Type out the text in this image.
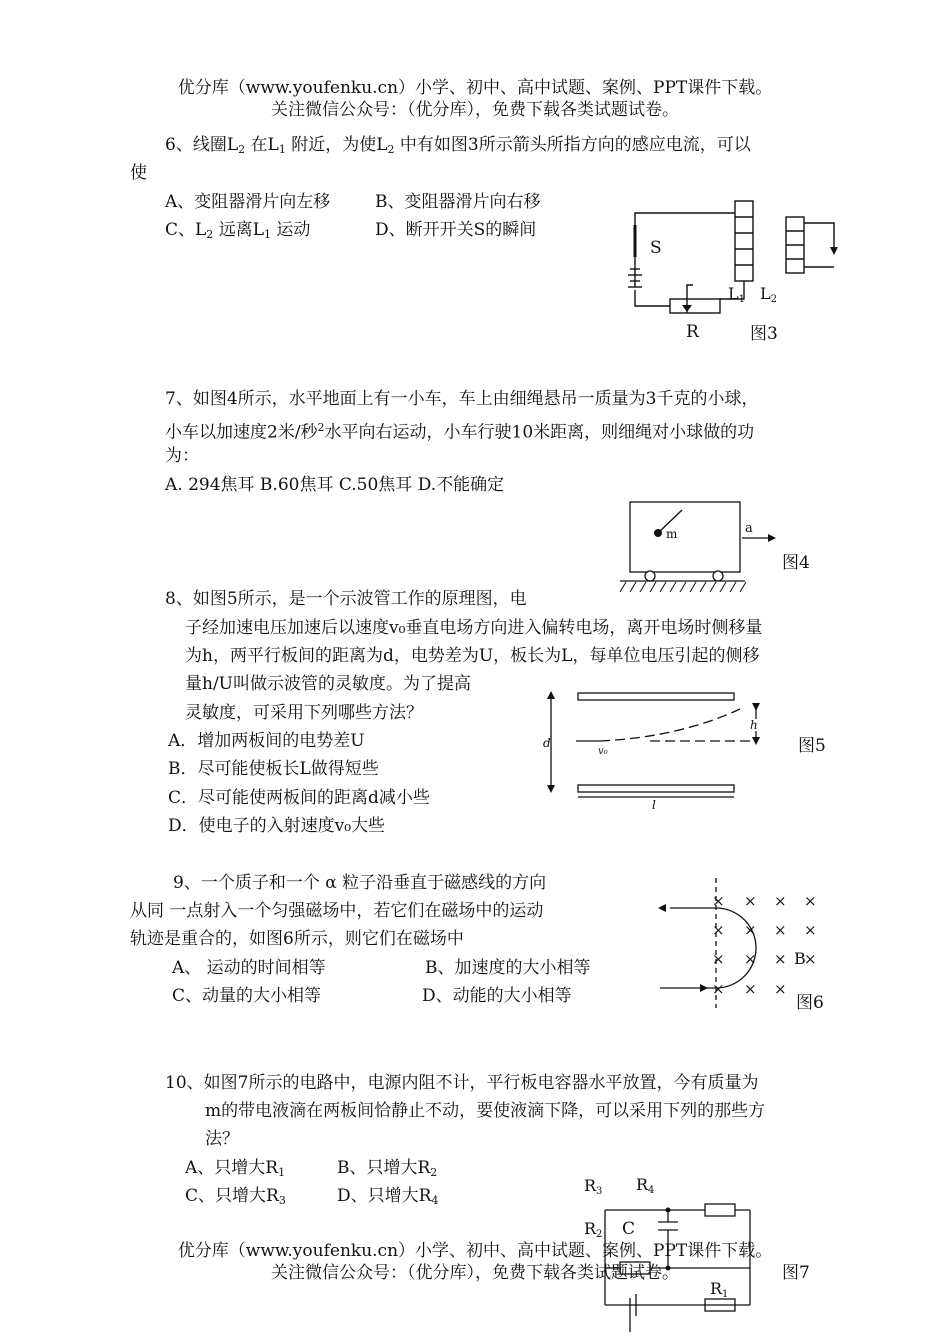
优分库（www.youfenku.cn）小学、初中、高中试题、案例、PPT课件下载。
关注微信公众号：（优分库），免费下载各类试题试卷。
6、线圈$L_2$ 在$L_1$ 附近，为使$L_2$ 中有如图3所示箭头所指方向的感应电流，可以
使
A、变阻器滑片向左移	B、变阻器滑片向右移
C、$L_2$ 远离$L_1$ 运动	D、断开开关S的瞬间
S
L1 L2
R	图3
7、如图4所示，水平地面上有一小车，车上由细绳悬吊一质量为3千克的小球，
小车以加速度2米/秒$^2$水平向右运动，小车行驶10米距离，则细绳对小球做的功
为：
A. 294焦耳 B.60焦耳 C.50焦耳 D.不能确定
m	a
图4
8、如图5所示，是一个示波管工作的原理图，电
子经加速电压加速后以速度v₀垂直电场方向进入偏转电场，离开电场时侧移量
为h，两平行板间的距离为d，电势差为U，板长为L，每单位电压引起的侧移
量h/U叫做示波管的灵敏度。为了提高
灵敏度，可采用下列哪些方法？
A．增加两板间的电势差U
B．尽可能使板长L做得短些
C．尽可能使两板间的距离d减小些
D．使电子的入射速度v₀大些
d
h
v₀
l
图5
9、一个质子和一个 α 粒子沿垂直于磁感线的方向
从同 一点射入一个匀强磁场中，若它们在磁场中的运动
轨迹是重合的，如图6所示，则它们在磁场中
A、 运动的时间相等	B、加速度的大小相等
C、动量的大小相等	D、动能的大小相等
× × × ×
× × × ×
× × × ×
× × ×
B
图6
10、如图7所示的电路中，电源内阻不计，平行板电容器水平放置，今有质量为
m的带电液滴在两板间恰静止不动，要使液滴下降，可以采用下列的那些方
法？
A、只增大$R_1$	B、只增大$R_2$
C、只增大$R_3$	D、只增大$R_4$
R3 R4
R2 C
R1
图7
优分库（www.youfenku.cn）小学、初中、高中试题、案例、PPT课件下载。
关注微信公众号：（优分库），免费下载各类试题试卷。
